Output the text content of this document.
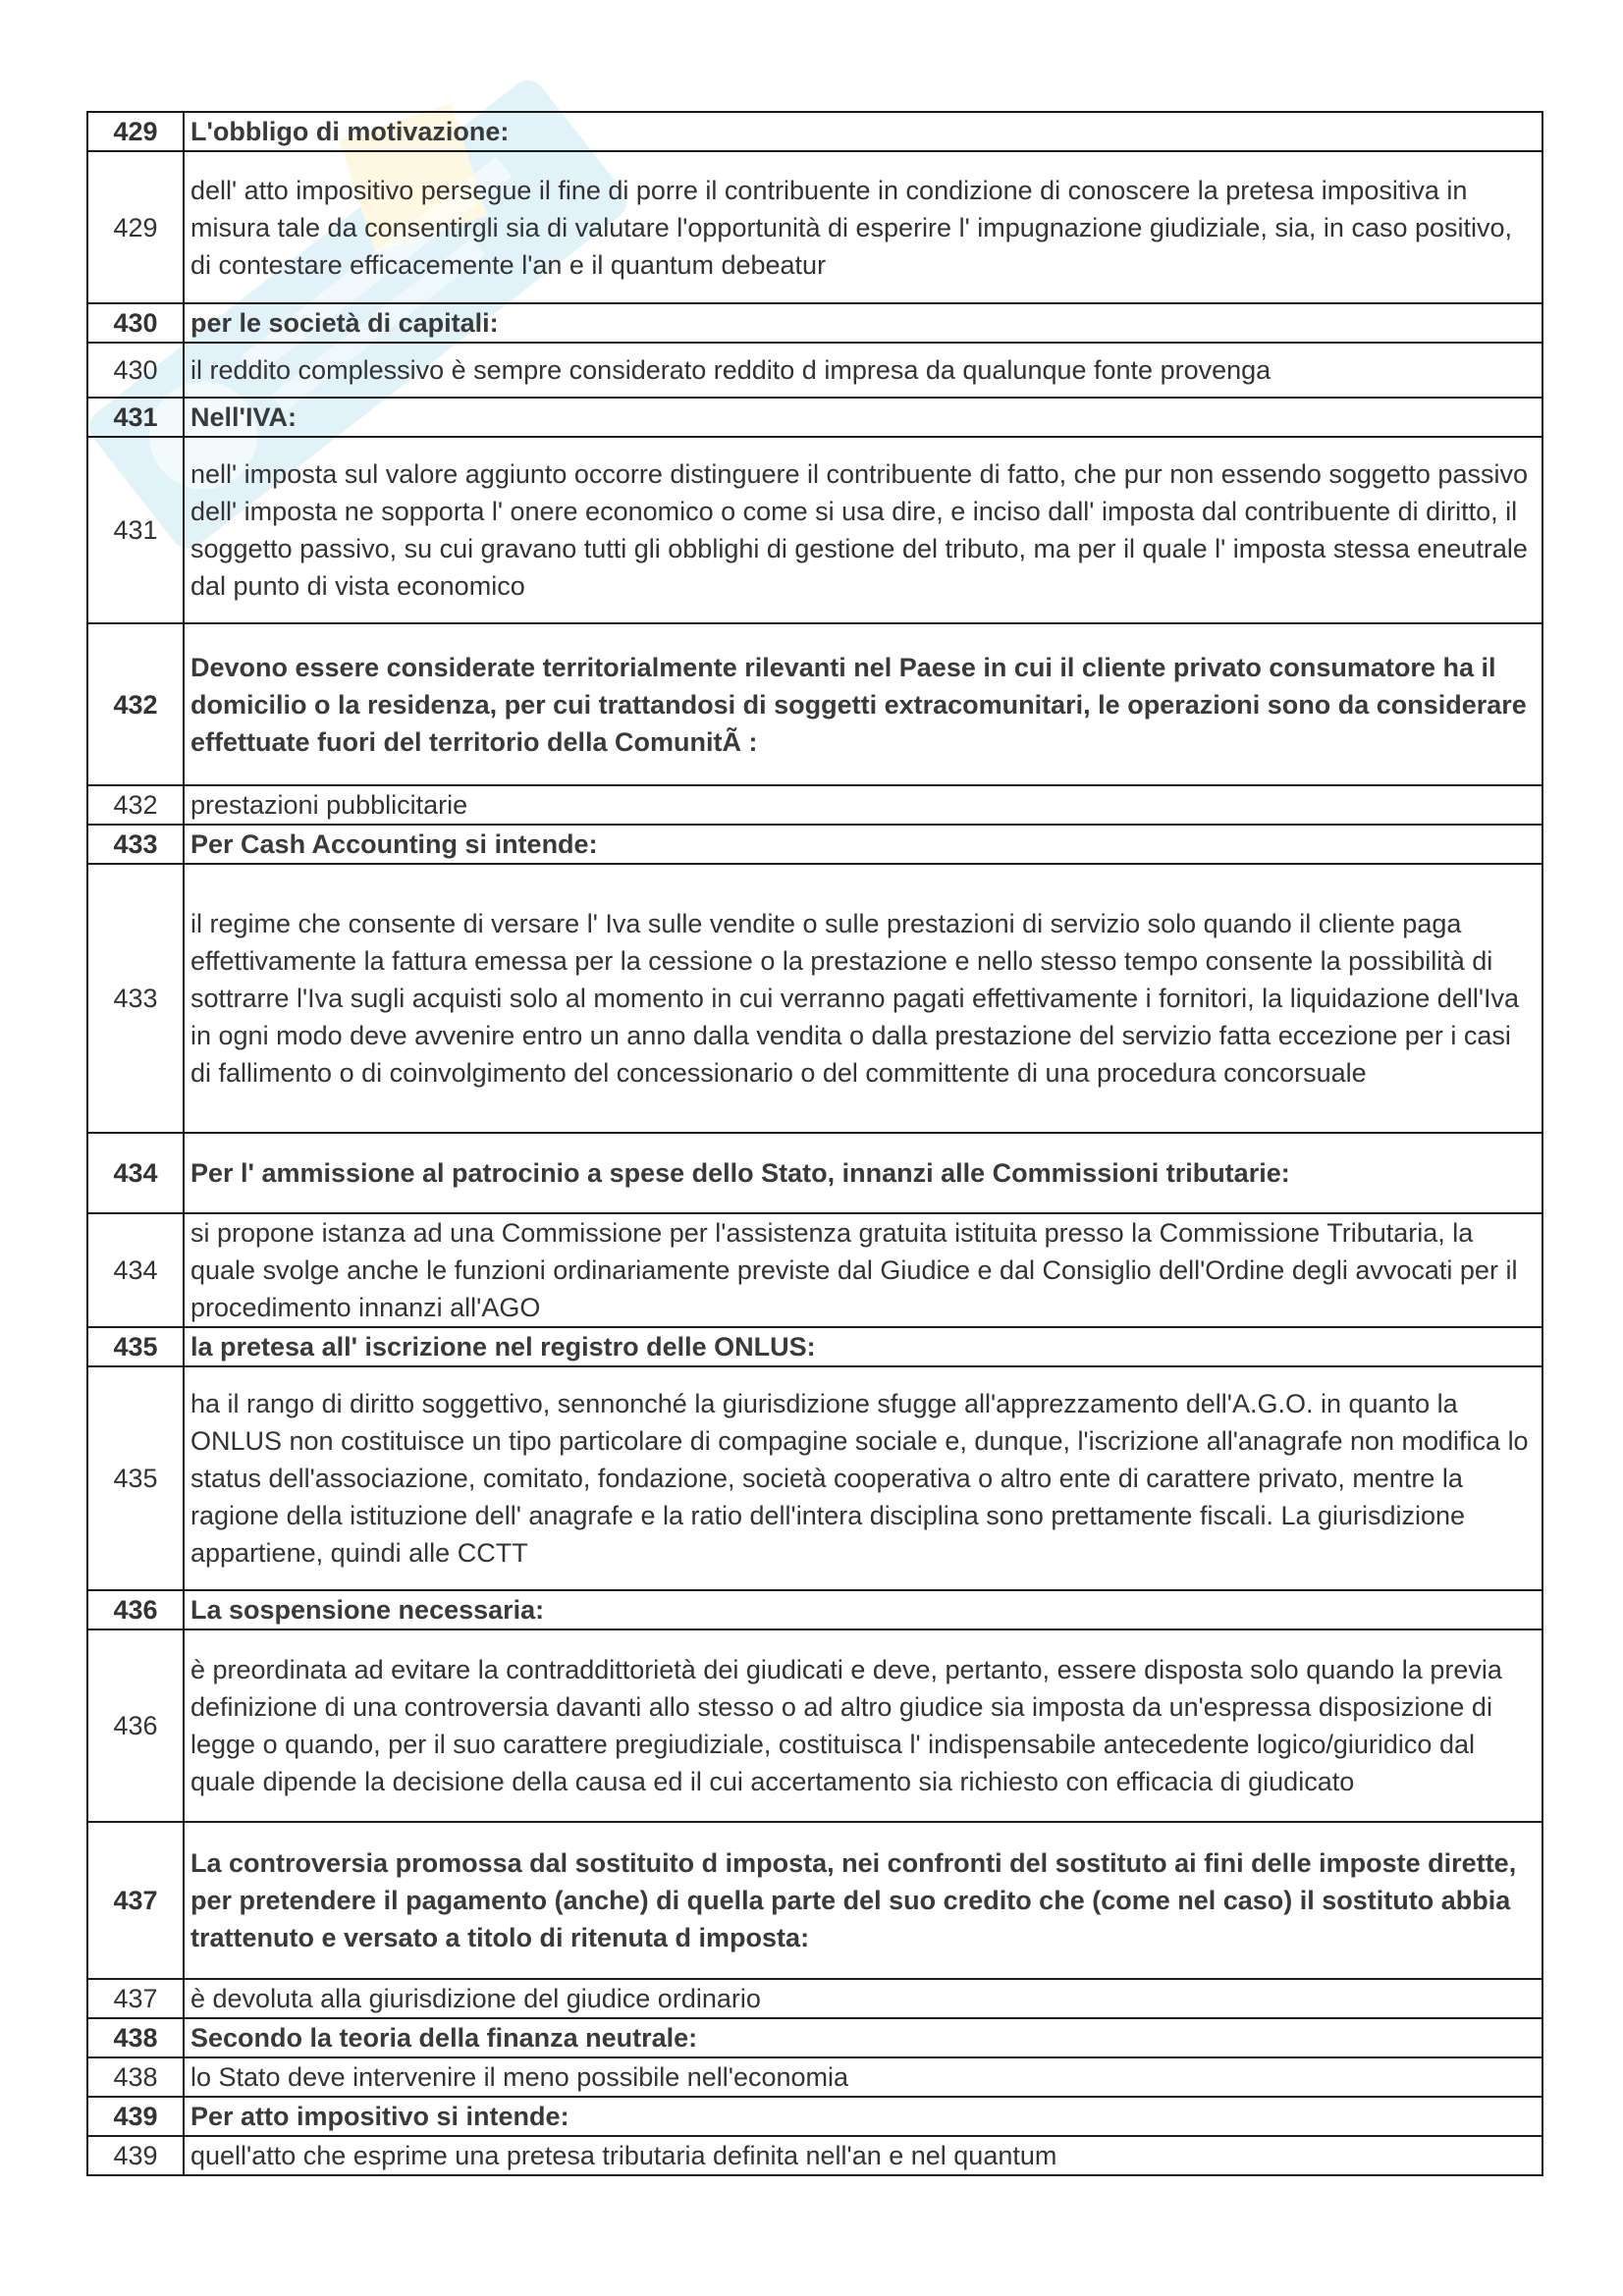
429	L'obbligo di motivazione:
429	dell' atto impositivo persegue il fine di porre il contribuente in condizione di conoscere la pretesa impositiva in misura tale da consentirgli sia di valutare l'opportunità di esperire l' impugnazione giudiziale, sia, in caso positivo, di contestare efficacemente l'an e il quantum debeatur
430	per le società di capitali:
430	il reddito complessivo è sempre considerato reddito d impresa da qualunque fonte provenga
431	Nell'IVA:
431	nell' imposta sul valore aggiunto occorre distinguere il contribuente di fatto, che pur non essendo soggetto passivo dell' imposta ne sopporta l' onere economico o come si usa dire, e inciso dall' imposta dal contribuente di diritto, il soggetto passivo, su cui gravano tutti gli obblighi di gestione del tributo, ma per il quale l' imposta stessa eneutrale dal punto di vista economico
432	Devono essere considerate territorialmente rilevanti nel Paese in cui il cliente privato consumatore ha il domicilio o la residenza, per cui trattandosi di soggetti extracomunitari, le operazioni sono da considerare effettuate fuori del territorio della ComunitÃ :
432	prestazioni pubblicitarie
433	Per Cash Accounting si intende:
433	il regime che consente di versare l' Iva sulle vendite o sulle prestazioni di servizio solo quando il cliente paga effettivamente la fattura emessa per la cessione o la prestazione e nello stesso tempo consente la possibilità di sottrarre l'Iva sugli acquisti solo al momento in cui verranno pagati effettivamente i fornitori, la liquidazione dell'Iva in ogni modo deve avvenire entro un anno dalla vendita o dalla prestazione del servizio fatta eccezione per i casi di fallimento o di coinvolgimento del concessionario o del committente di una procedura concorsuale
434	Per l' ammissione al patrocinio a spese dello Stato, innanzi alle Commissioni tributarie:
434	si propone istanza ad una Commissione per l'assistenza gratuita istituita presso la Commissione Tributaria, la quale svolge anche le funzioni ordinariamente previste dal Giudice e dal Consiglio dell'Ordine degli avvocati per il procedimento innanzi all'AGO
435	la pretesa all' iscrizione nel registro delle ONLUS:
435	ha il rango di diritto soggettivo, sennonché la giurisdizione sfugge all'apprezzamento dell'A.G.O. in quanto la ONLUS non costituisce un tipo particolare di compagine sociale e, dunque, l'iscrizione all'anagrafe non modifica lo status dell'associazione, comitato, fondazione, società cooperativa o altro ente di carattere privato, mentre la ragione della istituzione dell' anagrafe e la ratio dell'intera disciplina sono prettamente fiscali. La giurisdizione appartiene, quindi alle CCTT
436	La sospensione necessaria:
436	è preordinata ad evitare la contraddittorietà dei giudicati e deve, pertanto, essere disposta solo quando la previa definizione di una controversia davanti allo stesso o ad altro giudice sia imposta da un'espressa disposizione di legge o quando, per il suo carattere pregiudiziale, costituisca l' indispensabile antecedente logico/giuridico dal quale dipende la decisione della causa ed il cui accertamento sia richiesto con efficacia di giudicato
437	La controversia promossa dal sostituito d imposta, nei confronti del sostituto ai fini delle imposte dirette, per pretendere il pagamento (anche) di quella parte del suo credito che (come nel caso) il sostituto abbia trattenuto e versato a titolo di ritenuta d imposta:
437	è devoluta alla giurisdizione del giudice ordinario
438	Secondo la teoria della finanza neutrale:
438	lo Stato deve intervenire il meno possibile nell'economia
439	Per atto impositivo si intende:
439	quell'atto che esprime una pretesa tributaria definita nell'an e nel quantum
